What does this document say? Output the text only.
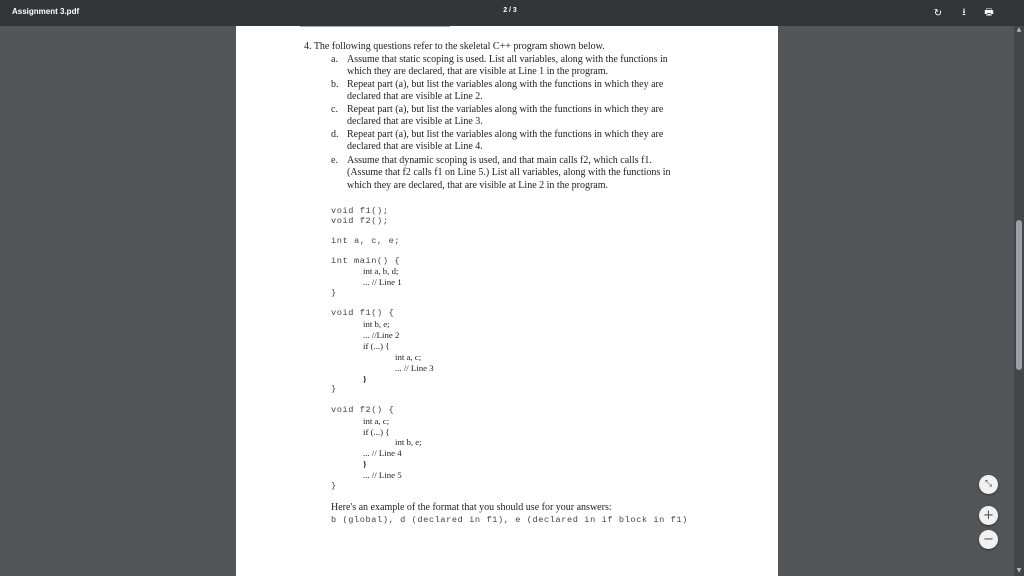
Assignment 3.pdf	2 / 3	↻	⭳	🖶
4. The following questions refer to the skeletal C++ program shown below.
a. Assume that static scoping is used. List all variables, along with the functions in
which they are declared, that are visible at Line 1 in the program.
b. Repeat part (a), but list the variables along with the functions in which they are
declared that are visible at Line 2.
c. Repeat part (a), but list the variables along with the functions in which they are
declared that are visible at Line 3.
d. Repeat part (a), but list the variables along with the functions in which they are
declared that are visible at Line 4.
e. Assume that dynamic scoping is used, and that main calls f2, which calls f1.
(Assume that f2 calls f1 on Line 5.) List all variables, along with the functions in
which they are declared, that are visible at Line 2 in the program.
void f1();
void f2();
int a, c, e;
int main() {
int a, b, d;
... // Line 1
}
void f1() {
int b, e;
... //Line 2
if (...) {
int a, c;
... // Line 3
}
}
void f2() {
int a, c;
if (...) {
int b, e;
... // Line 4
}
... // Line 5
}
Here's an example of the format that you should use for your answers:
b (global), d (declared in f1), e (declared in if block in f1)
▲
▼
⤡
+
−
